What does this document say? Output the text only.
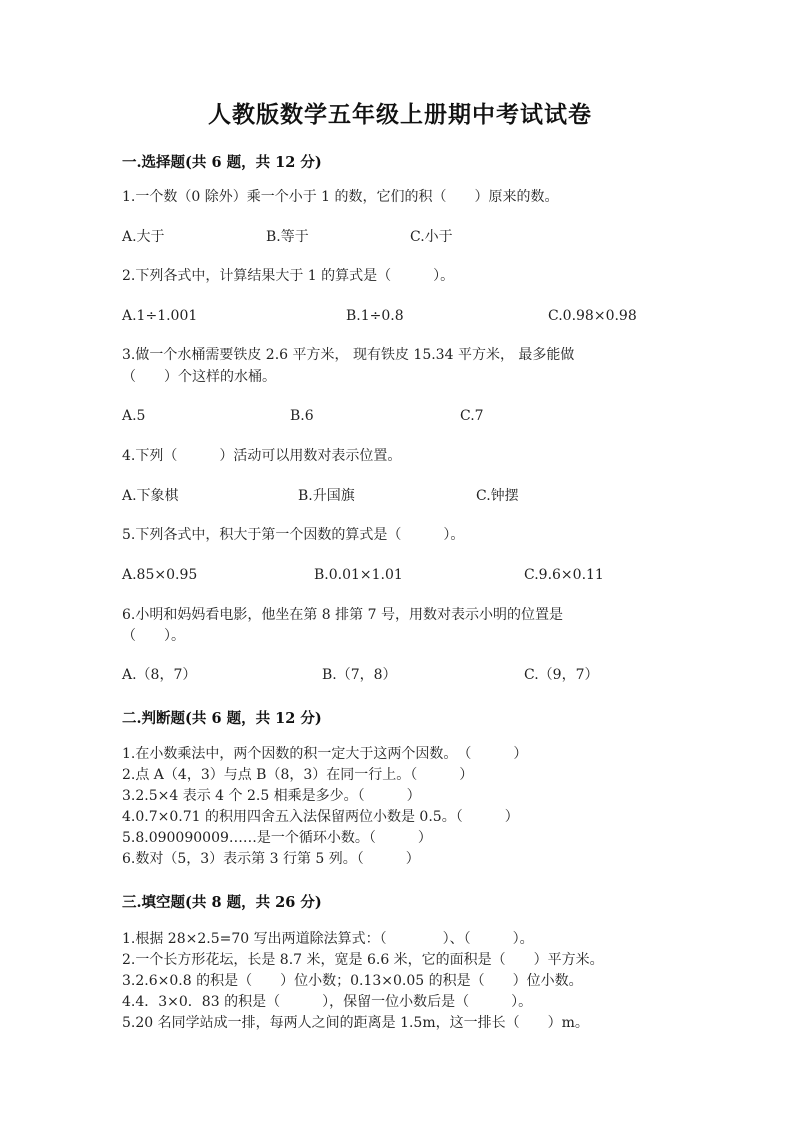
人教版数学五年级上册期中考试试卷
一.选择题(共 6 题，共 12 分)
1.一个数（0 除外）乘一个小于 1 的数，它们的积（　　）原来的数。
A.大于	B.等于	C.小于
2.下列各式中，计算结果大于 1 的算式是（　　　）。
A.1÷1.001	B.1÷0.8	C.0.98×0.98
3.做一个水桶需要铁皮 2.6 平方米， 现有铁皮 15.34 平方米， 最多能做
（　　）个这样的水桶。
A.5	B.6	C.7
4.下列（　　　）活动可以用数对表示位置。
A.下象棋	B.升国旗	C.钟摆
5.下列各式中，积大于第一个因数的算式是（　　　）。
A.85×0.95	B.0.01×1.01	C.9.6×0.11
6.小明和妈妈看电影，他坐在第 8 排第 7 号，用数对表示小明的位置是
（　　）。
A.（8，7）	B.（7，8）	C.（9，7）
二.判断题(共 6 题，共 12 分)
1.在小数乘法中，两个因数的积一定大于这两个因数。　（　　　）
2.点 A（4，3）与点 B（8，3）在同一行上。（　　　）
3.2.5×4 表示 4 个 2.5 相乘是多少。（　　　）
4.0.7×0.71 的积用四舍五入法保留两位小数是 0.5。（　　　）
5.8.090090009……是一个循环小数。（　　　）
6.数对（5，3）表示第 3 行第 5 列。（　　　）
三.填空题(共 8 题，共 26 分)
1.根据 28×2.5=70 写出两道除法算式：（　　　　）、（　　　）。
2.一个长方形花坛，长是 8.7 米，宽是 6.6 米，它的面积是（　　）平方米。
3.2.6×0.8 的积是（　　）位小数；0.13×0.05 的积是（　　）位小数。
4.4．3×0．83 的积是（　　　），保留一位小数后是（　　　）。
5.20 名同学站成一排，每两人之间的距离是 1.5m，这一排长（　　）m。
